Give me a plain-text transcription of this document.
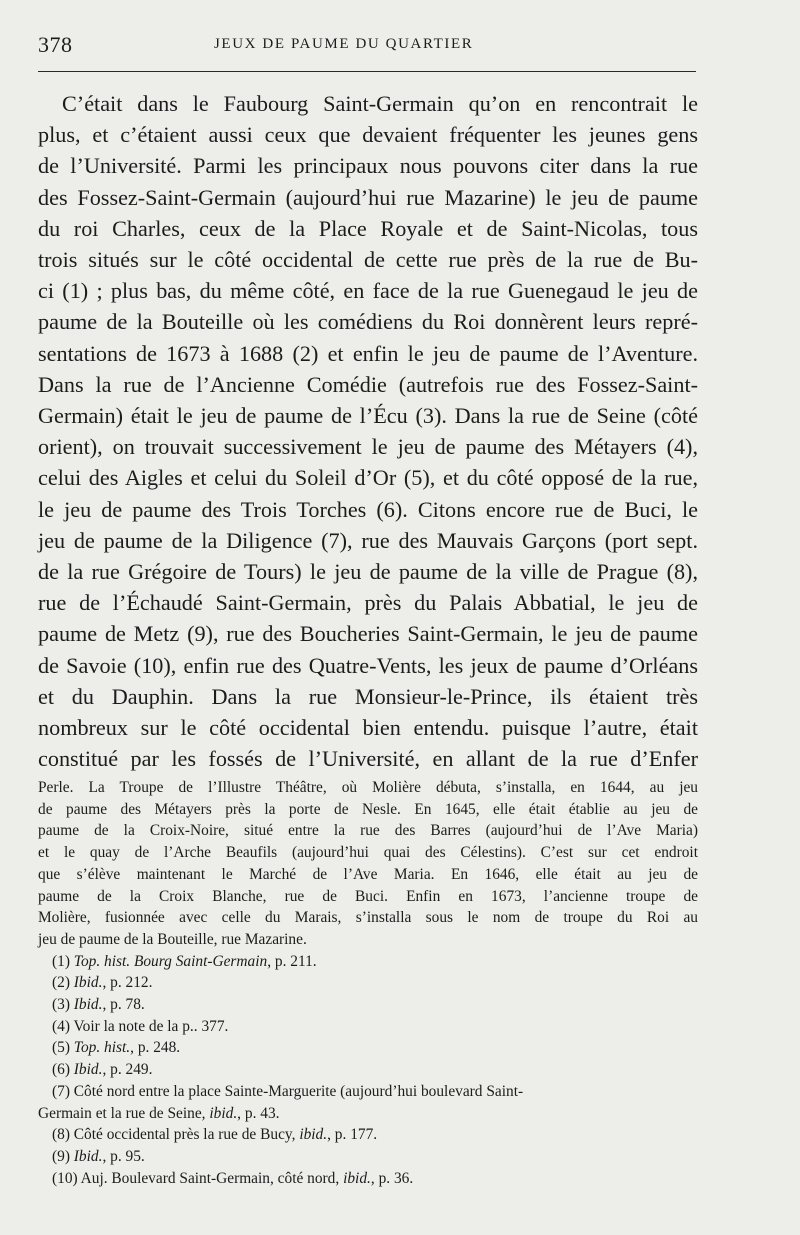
378	JEUX DE PAUME DU QUARTIER
C’était dans le Faubourg Saint-Germain qu’on en rencontrait le
plus, et c’étaient aussi ceux que devaient fréquenter les jeunes gens
de l’Université. Parmi les principaux nous pouvons citer dans la rue
des Fossez-Saint-Germain (aujourd’hui rue Mazarine) le jeu de paume
du roi Charles, ceux de la Place Royale et de Saint-Nicolas, tous
trois situés sur le côté occidental de cette rue près de la rue de Bu-
ci (1) ; plus bas, du même côté, en face de la rue Guenegaud le jeu de
paume de la Bouteille où les comédiens du Roi donnèrent leurs repré-
sentations de 1673 à 1688 (2) et enfin le jeu de paume de l’Aventure.
Dans la rue de l’Ancienne Comédie (autrefois rue des Fossez-Saint-
Germain) était le jeu de paume de l’Écu (3). Dans la rue de Seine (côté
orient), on trouvait successivement le jeu de paume des Métayers (4),
celui des Aigles et celui du Soleil d’Or (5), et du côté opposé de la rue,
le jeu de paume des Trois Torches (6). Citons encore rue de Buci, le
jeu de paume de la Diligence (7), rue des Mauvais Garçons (port sept.
de la rue Grégoire de Tours) le jeu de paume de la ville de Prague (8),
rue de l’Échaudé Saint-Germain, près du Palais Abbatial, le jeu de
paume de Metz (9), rue des Boucheries Saint-Germain, le jeu de paume
de Savoie (10), enfin rue des Quatre-Vents, les jeux de paume d’Orléans
et du Dauphin. Dans la rue Monsieur-le-Prince, ils étaient très
nombreux sur le côté occidental bien entendu. puisque l’autre, était
constitué par les fossés de l’Université, en allant de la rue d’Enfer
Perle. La Troupe de l’Illustre Théâtre, où Molière débuta, s’installa, en 1644, au jeu
de paume des Métayers près la porte de Nesle. En 1645, elle était établie au jeu de
paume de la Croix-Noire, situé entre la rue des Barres (aujourd’hui de l’Ave Maria)
et le quay de l’Arche Beaufils (aujourd’hui quai des Célestins). C’est sur cet endroit
que s’élève maintenant le Marché de l’Ave Maria. En 1646, elle était au jeu de
paume de la Croix Blanche, rue de Buci. Enfin en 1673, l’ancienne troupe de
Molière, fusionnée avec celle du Marais, s’installa sous le nom de troupe du Roi au
jeu de paume de la Bouteille, rue Mazarine.
(1) Top. hist. Bourg Saint-Germain, p. 211.
(2) Ibid., p. 212.
(3) Ibid., p. 78.
(4) Voir la note de la p.. 377.
(5) Top. hist., p. 248.
(6) Ibid., p. 249.
(7) Côté nord entre la place Sainte-Marguerite (aujourd’hui boulevard Saint-
Germain et la rue de Seine, ibid., p. 43.
(8) Côté occidental près la rue de Bucy, ibid., p. 177.
(9) Ibid., p. 95.
(10) Auj. Boulevard Saint-Germain, côté nord, ibid., p. 36.
